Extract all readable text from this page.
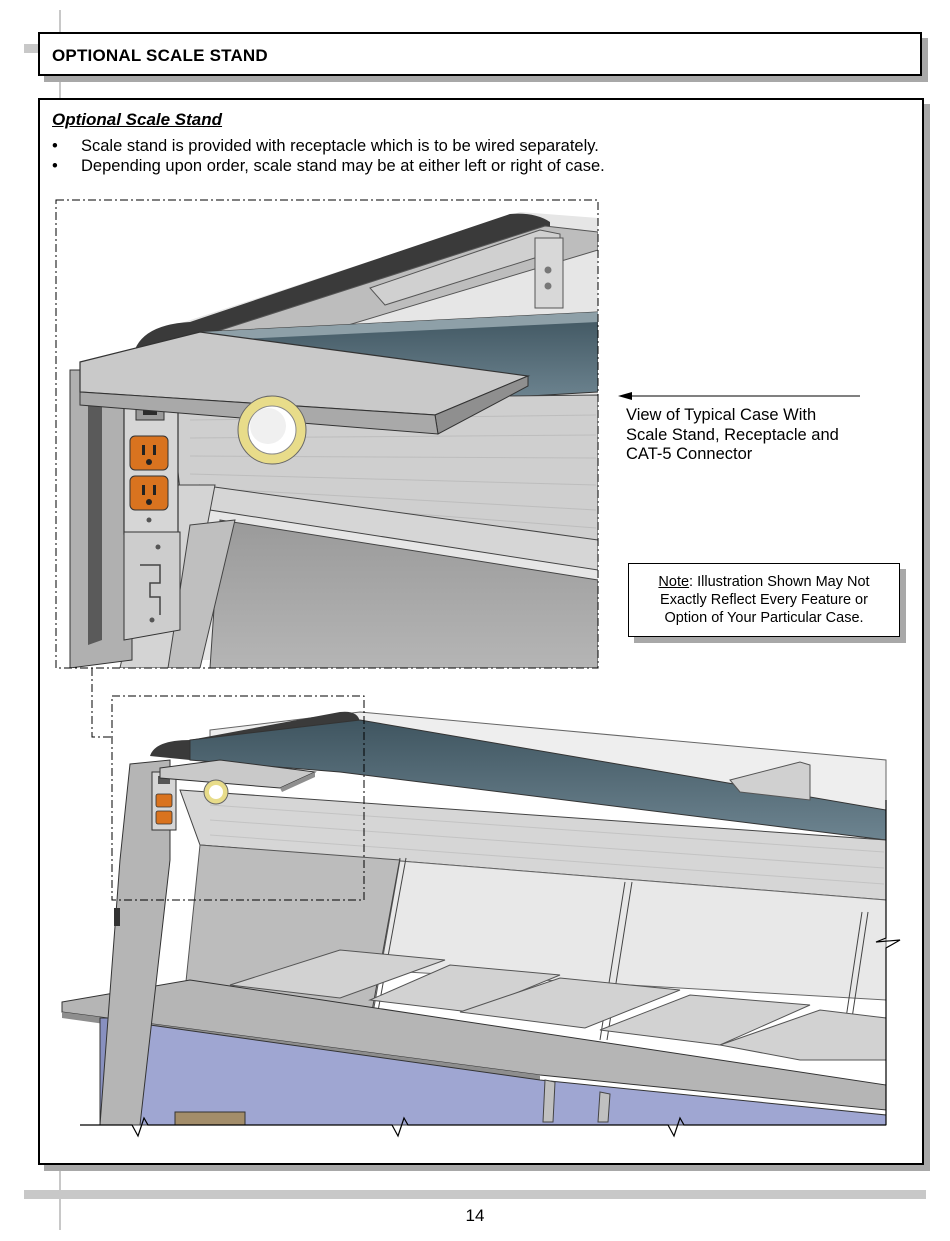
OPTIONAL SCALE STAND
Optional Scale Stand
• Scale stand is provided with receptacle which is to be wired separately.
• Depending upon order, scale stand may be at either left or right of case.
View of Typical Case With
Scale Stand, Receptacle and
CAT-5 Connector
Note: Illustration Shown May Not
Exactly Reflect Every Feature or
Option of Your Particular Case.
14
